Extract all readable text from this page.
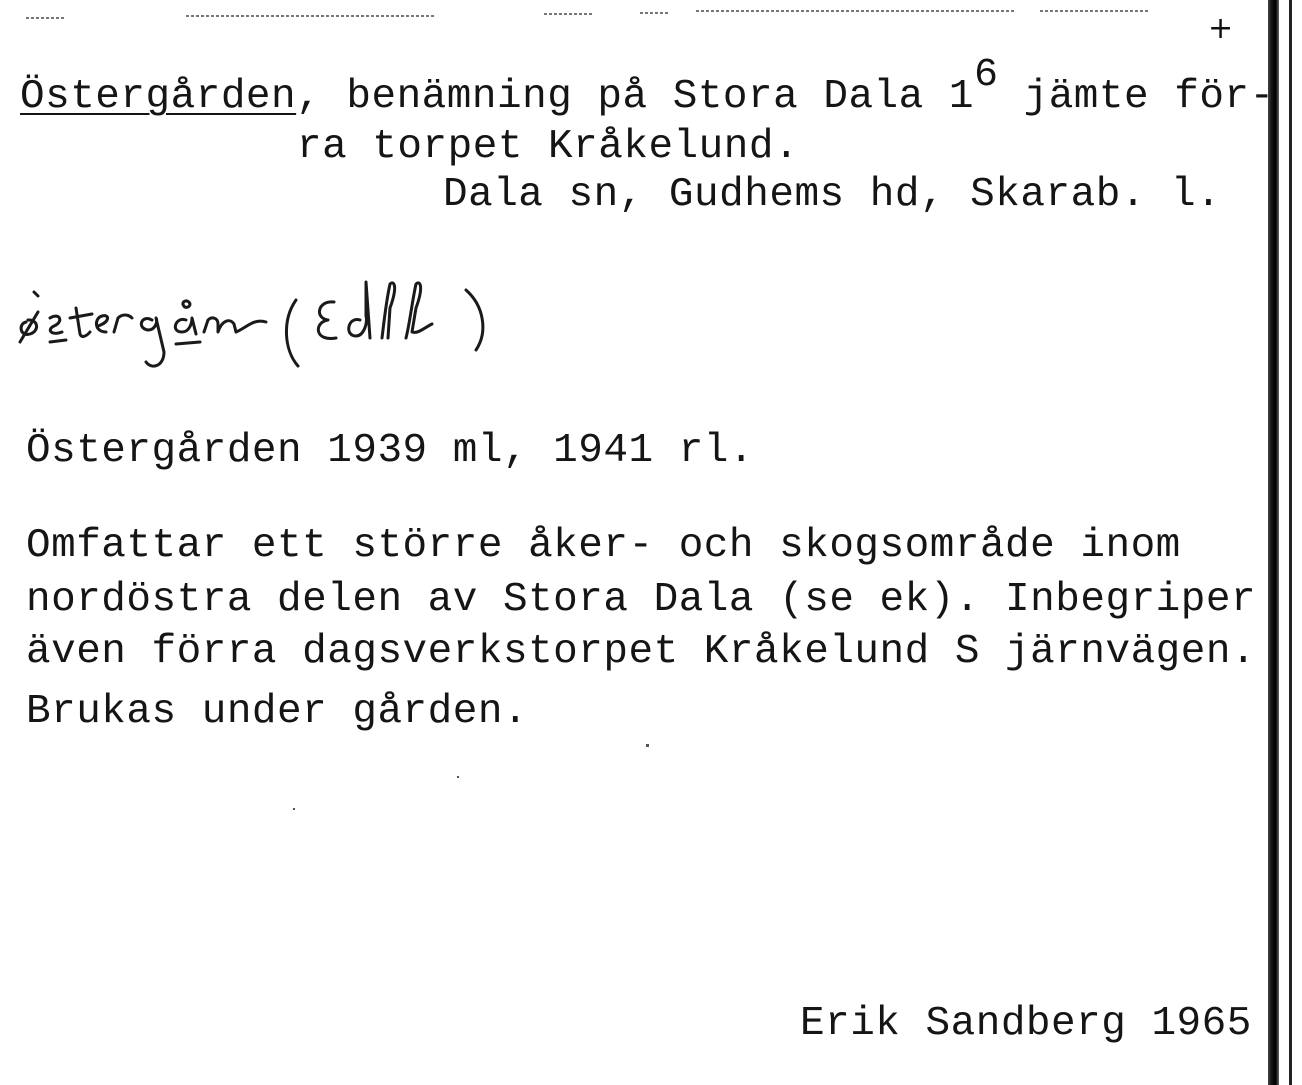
+

Östergården, benämning på Stora Dala 16 jämte för-

ra torpet Kråkelund.

Dala sn, Gudhems hd, Skarab. l.

Östergården 1939 ml, 1941 rl.

Omfattar ett större åker- och skogsområde inom

nordöstra delen av Stora Dala (se ek). Inbegriper

även förra dagsverkstorpet Kråkelund S järnvägen.

Brukas under gården.

Erik Sandberg 1965
